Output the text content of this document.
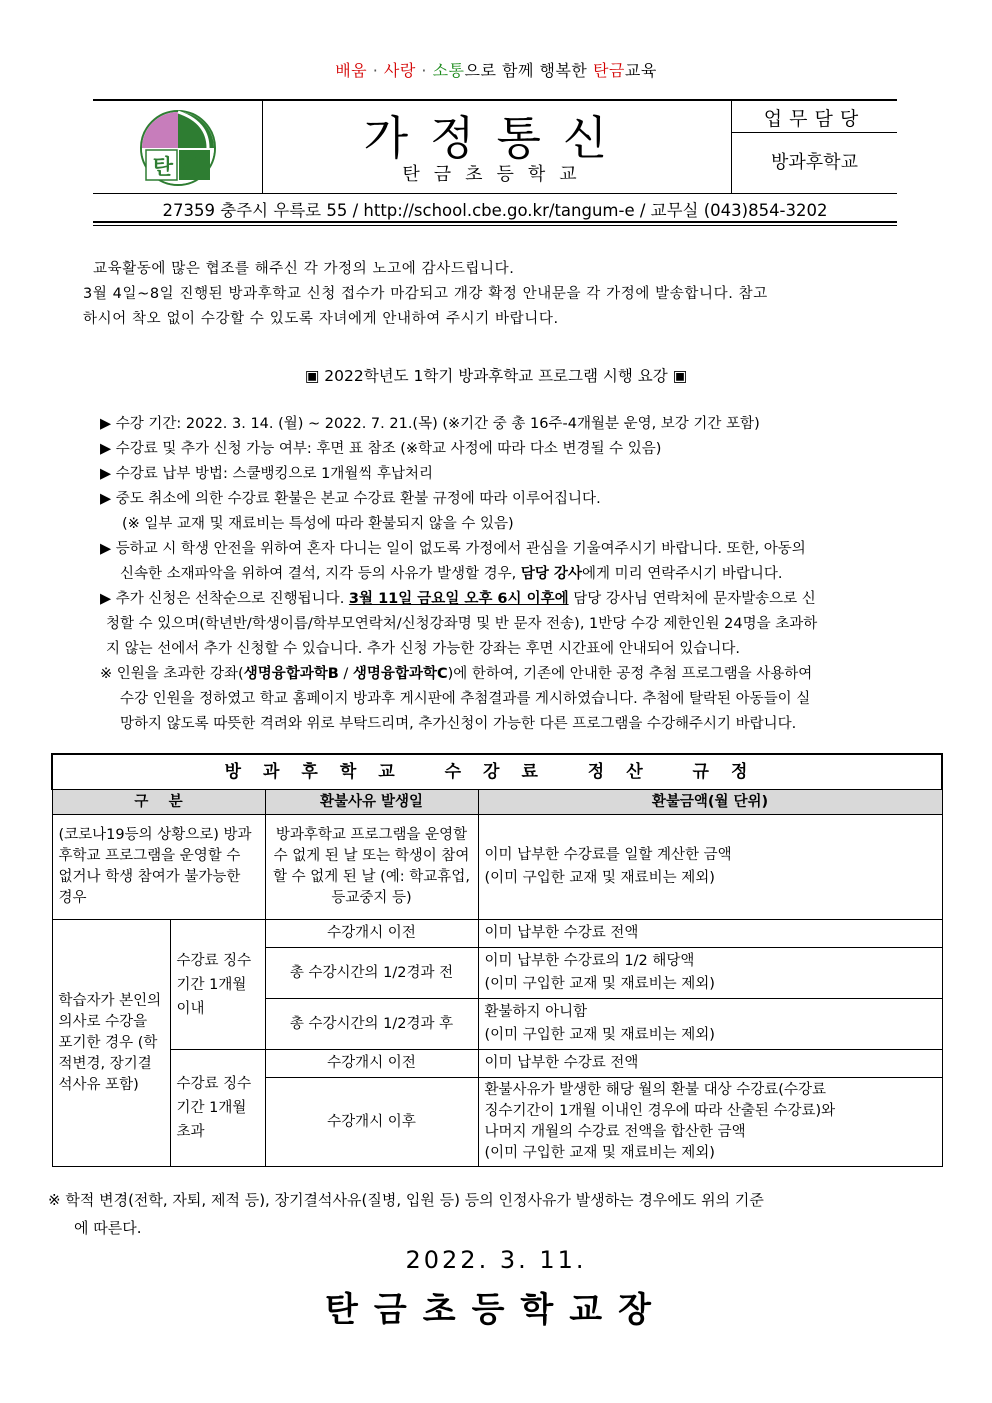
배움 · 사랑 · 소통으로 함께 행복한 탄금교육
탄금
가정통신
탄금초등학교
업무담당
방과후학교
27359 충주시 우륵로 55 / http://school.cbe.go.kr/tangum-e / 교무실 (043)854-3202
교육활동에 많은 협조를 해주신 각 가정의 노고에 감사드립니다.
3월 4일~8일 진행된 방과후학교 신청 접수가 마감되고 개강 확정 안내문을 각 가정에 발송합니다. 참고
하시어 착오 없이 수강할 수 있도록 자녀에게 안내하여 주시기 바랍니다.
▣ 2022학년도 1학기 방과후학교 프로그램 시행 요강 ▣
▶ 수강 기간: 2022. 3. 14. (월) ~ 2022. 7. 21.(목) (※기간 중 총 16주-4개월분 운영, 보강 기간 포함)
▶ 수강료 및 추가 신청 가능 여부: 후면 표 참조 (※학교 사정에 따라 다소 변경될 수 있음)
▶ 수강료 납부 방법: 스쿨뱅킹으로 1개월씩 후납처리
▶ 중도 취소에 의한 수강료 환불은 본교 수강료 환불 규정에 따라 이루어집니다.
(※ 일부 교재 및 재료비는 특성에 따라 환불되지 않을 수 있음)
▶ 등하교 시 학생 안전을 위하여 혼자 다니는 일이 없도록 가정에서 관심을 기울여주시기 바랍니다. 또한, 아동의
신속한 소재파악을 위하여 결석, 지각 등의 사유가 발생할 경우, 담당 강사에게 미리 연락주시기 바랍니다.
▶ 추가 신청은 선착순으로 진행됩니다. 3월 11일 금요일 오후 6시 이후에 담당 강사님 연락처에 문자발송으로 신
청할 수 있으며(학년반/학생이름/학부모연락처/신청강좌명 및 반 문자 전송), 1반당 수강 제한인원 24명을 초과하
지 않는 선에서 추가 신청할 수 있습니다. 추가 신청 가능한 강좌는 후면 시간표에 안내되어 있습니다.
※ 인원을 초과한 강좌(생명융합과학B / 생명융합과학C)에 한하여, 기존에 안내한 공정 추첨 프로그램을 사용하여
수강 인원을 정하였고 학교 홈페이지 방과후 게시판에 추첨결과를 게시하였습니다. 추첨에 탈락된 아동들이 실
망하지 않도록 따뜻한 격려와 위로 부탁드리며, 추가신청이 가능한 다른 프로그램을 수강해주시기 바랍니다.
방과후학교 수강료 정산 규정			
구    분		환불사유 발생일	환불금액(월 단위)
(코로나19등의 상황으로) 방과후학교 프로그램을 운영할 수 없거나 학생 참여가 불가능한 경우		방과후학교 프로그램을 운영할 수 없게 된 날 또는 학생이 참여할 수 없게 된 날 (예: 학교휴업, 등교중지 등)	이미 납부한 수강료를 일할 계산한 금액
(이미 구입한 교재 및 재료비는 제외)

학습자가 본인의 의사로 수강을 포기한 경우 (학적변경, 장기결석사유 포함)	수강료 징수기간 1개월 이내	수강개시 이전	이미 납부한 수강료 전액
		총 수강시간의 1/2경과 전	이미 납부한 수강료의 1/2 해당액
(이미 구입한 교재 및 재료비는 제외)

		총 수강시간의 1/2경과 후	환불하지 아니함
(이미 구입한 교재 및 재료비는 제외)

	수강료 징수기간 1개월 초과	수강개시 이전	이미 납부한 수강료 전액
		수강개시 이후	환불사유가 발생한 해당 월의 환불 대상 수강료(수강료
징수기간이 1개월 이내인 경우에 따라 산출된 수강료)와
나머지 개월의 수강료 전액을 합산한 금액
(이미 구입한 교재 및 재료비는 제외)
※ 학적 변경(전학, 자퇴, 제적 등), 장기결석사유(질병, 입원 등) 등의 인정사유가 발생하는 경우에도 위의 기준
에 따른다.
2022. 3. 11.
탄금초등학교장
